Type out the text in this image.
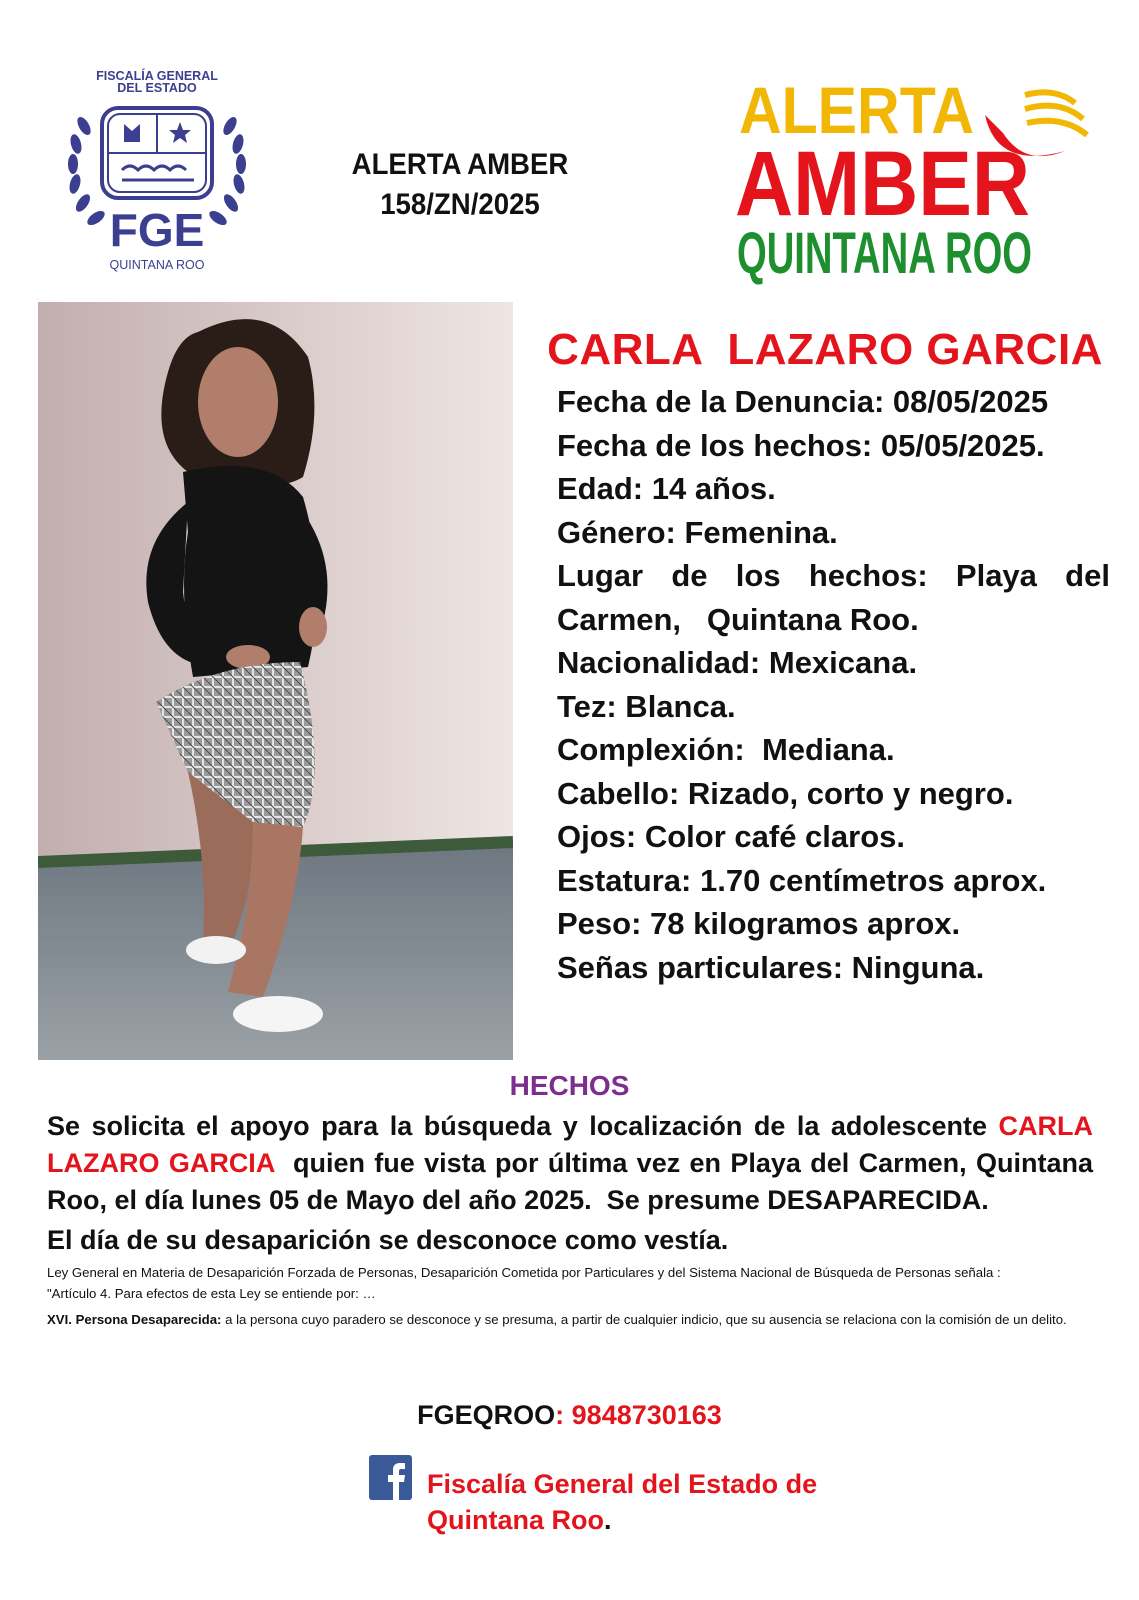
FISCALÍA GENERAL
DEL ESTADO
FGE
QUINTANA ROO
ALERTA AMBER
158/ZN/2025
ALERTA
AMBER
QUINTANA ROO
CARLA  LAZARO GARCIA
Fecha de la Denuncia: 08/05/2025
Fecha de los hechos: 05/05/2025.
Edad: 14 años.
Género: Femenina.
Lugar de los hechos: Playa del
Carmen,   Quintana Roo.
Nacionalidad: Mexicana.
Tez: Blanca.
Complexión:  Mediana.
Cabello: Rizado, corto y negro.
Ojos: Color café claros.
Estatura: 1.70 centímetros aprox.
Peso: 78 kilogramos aprox.
Señas particulares: Ninguna.
HECHOS
Se solicita el apoyo para la búsqueda y localización de la adolescente CARLA LAZARO GARCIA  quien fue vista por última vez en Playa del Carmen, Quintana Roo, el día lunes 05 de Mayo del año 2025.  Se presume DESAPARECIDA.
El día de su desaparición se desconoce como vestía.

Ley General en Materia de Desaparición Forzada de Personas, Desaparición Cometida por Particulares y del Sistema Nacional de Búsqueda de Personas señala :

"Artículo 4. Para efectos de esta Ley se entiende por: …

XVI. Persona Desaparecida: a la persona cuyo paradero se desconoce y se presuma, a partir de cualquier indicio, que su ausencia se relaciona con la comisión de un delito.

FGEQROO: 9848730163
Fiscalía General del Estado de
Quintana Roo.
